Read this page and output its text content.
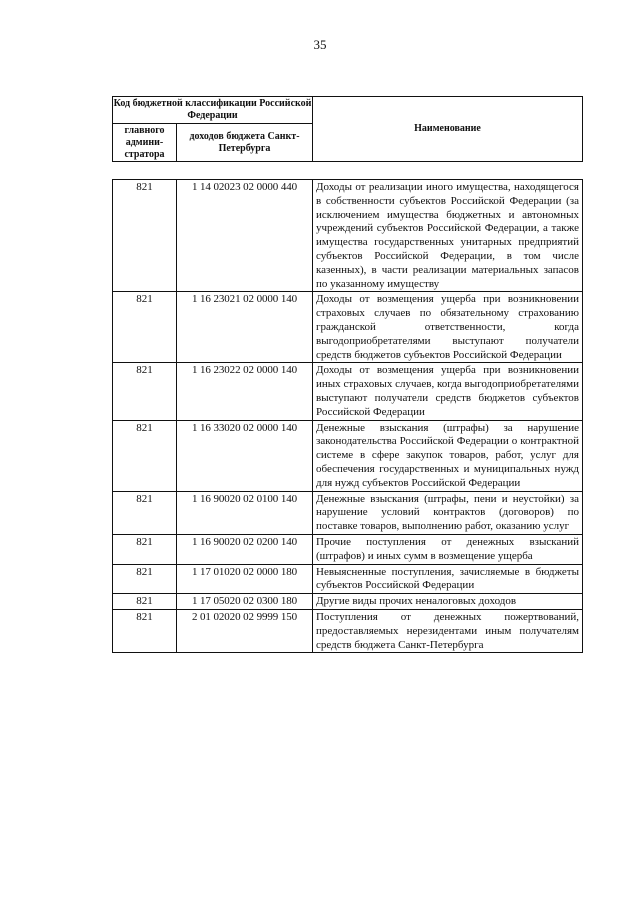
35
Код бюджетной классификации Российской Федерации		Наименование
главного админи-стратора	доходов бюджета Санкт-Петербурга	
821	1 14 02023 02 0000 440	Доходы от реализации иного имущества, находящегося в собственности субъектов Российской Федерации (за исключением имущества бюджетных и автономных учреждений субъектов Российской Федерации, а также имущества государственных унитарных предприятий субъектов Российской Федерации, в том числе казенных), в части реализации материальных запасов по указанному имуществу
821	1 16 23021 02 0000 140	Доходы от возмещения ущерба при возникновении страховых случаев по обязательному страхованию гражданской ответственности, когда выгодоприобретателями выступают получатели средств бюджетов субъектов Российской Федерации
821	1 16 23022 02 0000 140	Доходы от возмещения ущерба при возникновении иных страховых случаев, когда выгодоприобретателями выступают получатели средств бюджетов субъектов Российской Федерации
821	1 16 33020 02 0000 140	Денежные взыскания (штрафы) за нарушение законодательства Российской Федерации о контрактной системе в сфере закупок товаров, работ, услуг для обеспечения государственных и муниципальных нужд для нужд субъектов Российской Федерации
821	1 16 90020 02 0100 140	Денежные взыскания (штрафы, пени и неустойки) за нарушение условий контрактов (договоров) по поставке товаров, выполнению работ, оказанию услуг
821	1 16 90020 02 0200 140	Прочие поступления от денежных взысканий (штрафов) и иных сумм в возмещение ущерба
821	1 17 01020 02 0000 180	Невыясненные поступления, зачисляемые в бюджеты субъектов Российской Федерации
821	1 17 05020 02 0300 180	Другие виды прочих неналоговых доходов
821	2 01 02020 02 9999 150	Поступления от денежных пожертвований, предоставляемых нерезидентами иным получателям средств бюджета Санкт-Петербурга
